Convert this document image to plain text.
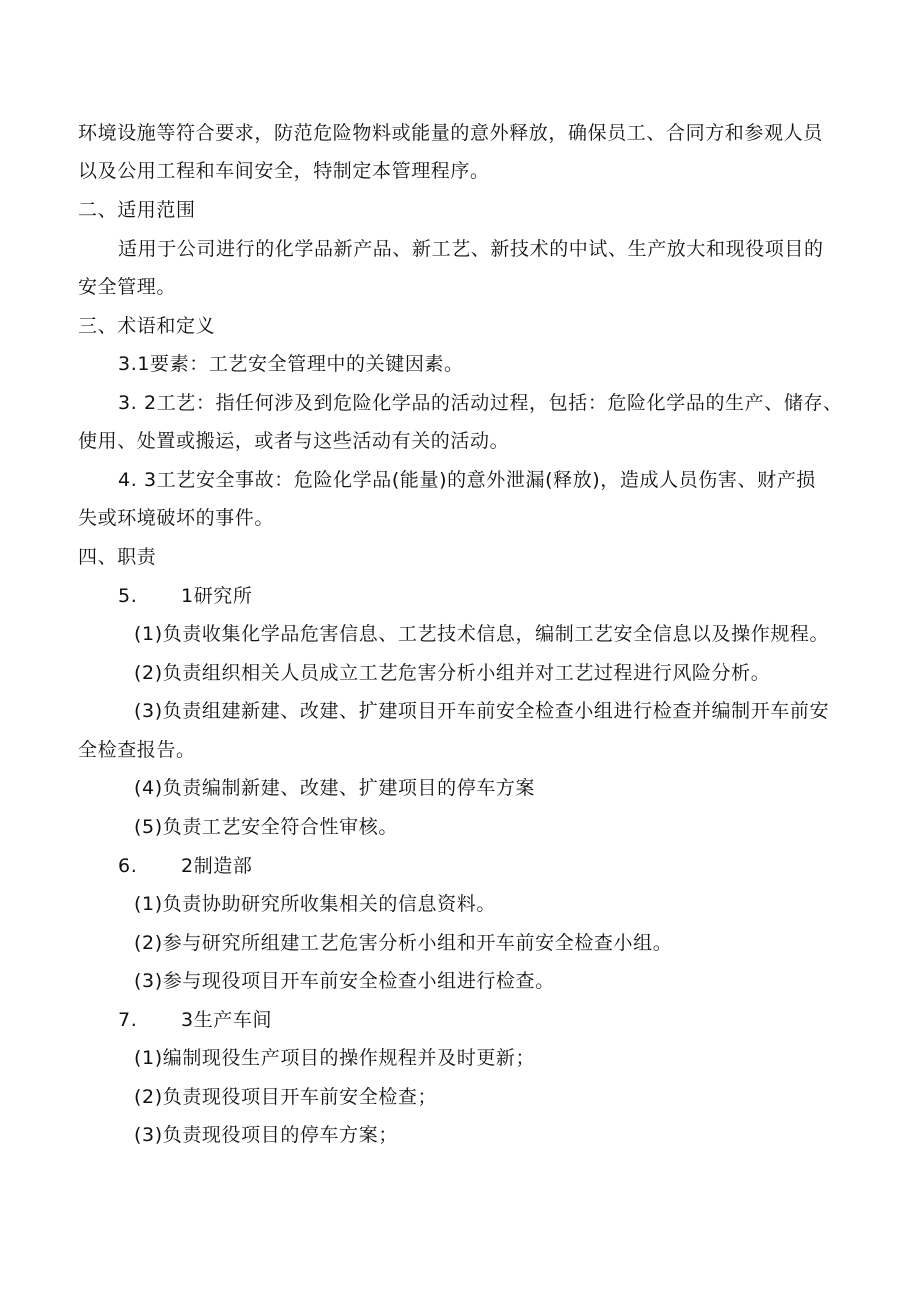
环境设施等符合要求，防范危险物料或能量的意外释放，确保员工、合同方和参观人员
以及公用工程和车间安全，特制定本管理程序。
二、适用范围
适用于公司进行的化学品新产品、新工艺、新技术的中试、生产放大和现役项目的
安全管理。
三、术语和定义
3.1要素：工艺安全管理中的关键因素。
3. 2工艺：指任何涉及到危险化学品的活动过程，包括：危险化学品的生产、储存、
使用、处置或搬运，或者与这些活动有关的活动。
4. 3工艺安全事故：危险化学品(能量)的意外泄漏(释放)，造成人员伤害、财产损
失或环境破坏的事件。
四、职责
5. 1研究所
(1)负责收集化学品危害信息、工艺技术信息，编制工艺安全信息以及操作规程。
(2)负责组织相关人员成立工艺危害分析小组并对工艺过程进行风险分析。
(3)负责组建新建、改建、扩建项目开车前安全检查小组进行检查并编制开车前安
全检查报告。
(4)负责编制新建、改建、扩建项目的停车方案
(5)负责工艺安全符合性审核。
6. 2制造部
(1)负责协助研究所收集相关的信息资料。
(2)参与研究所组建工艺危害分析小组和开车前安全检查小组。
(3)参与现役项目开车前安全检查小组进行检查。
7. 3生产车间
(1)编制现役生产项目的操作规程并及时更新；
(2)负责现役项目开车前安全检查；
(3)负责现役项目的停车方案；
